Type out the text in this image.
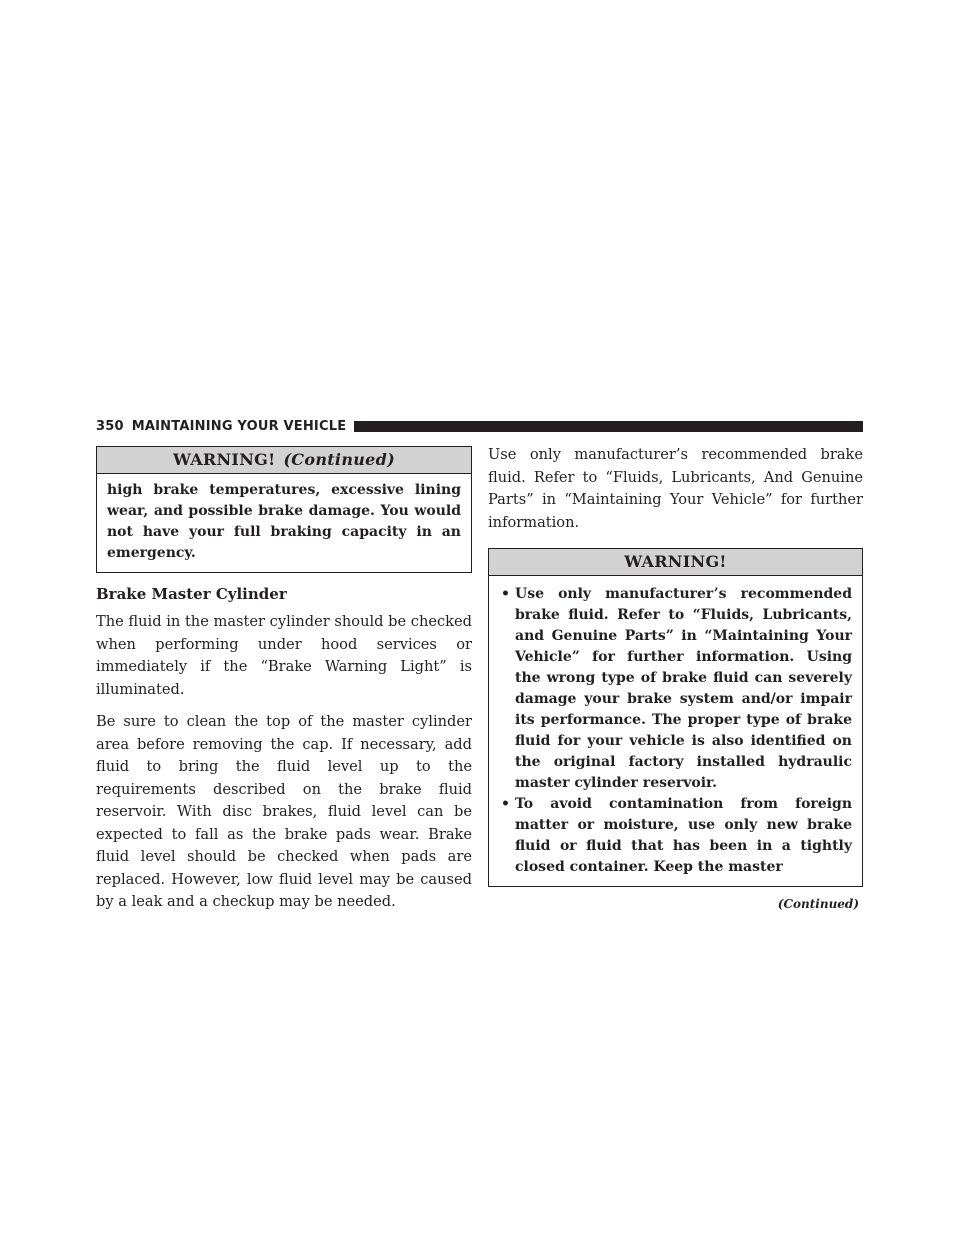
350 MAINTAINING YOUR VEHICLE
WARNING! (Continued)
high brake temperatures, excessive lining wear, and possible brake damage. You would not have your full braking capacity in an emergency.
Brake Master Cylinder

The fluid in the master cylinder should be checked when performing under hood services or immediately if the “Brake Warning Light” is illuminated.

Be sure to clean the top of the master cylinder area before removing the cap. If necessary, add fluid to bring the fluid level up to the requirements described on the brake fluid reservoir. With disc brakes, fluid level can be expected to fall as the brake pads wear. Brake fluid level should be checked when pads are replaced. However, low fluid level may be caused by a leak and a checkup may be needed.

Use only manufacturer’s recommended brake fluid. Refer to “Fluids, Lubricants, And Genuine Parts” in “Maintaining Your Vehicle” for further information.

WARNING!
• Use only manufacturer’s recommended brake fluid. Refer to “Fluids, Lubricants, and Genuine Parts” in “Maintaining Your Vehicle” for further information. Using the wrong type of brake fluid can severely damage your brake system and/or impair its performance. The proper type of brake fluid for your vehicle is also identified on the original factory installed hydraulic master cylinder reservoir.
• To avoid contamination from foreign matter or moisture, use only new brake fluid or fluid that has been in a tightly closed container. Keep the master
(Continued)
